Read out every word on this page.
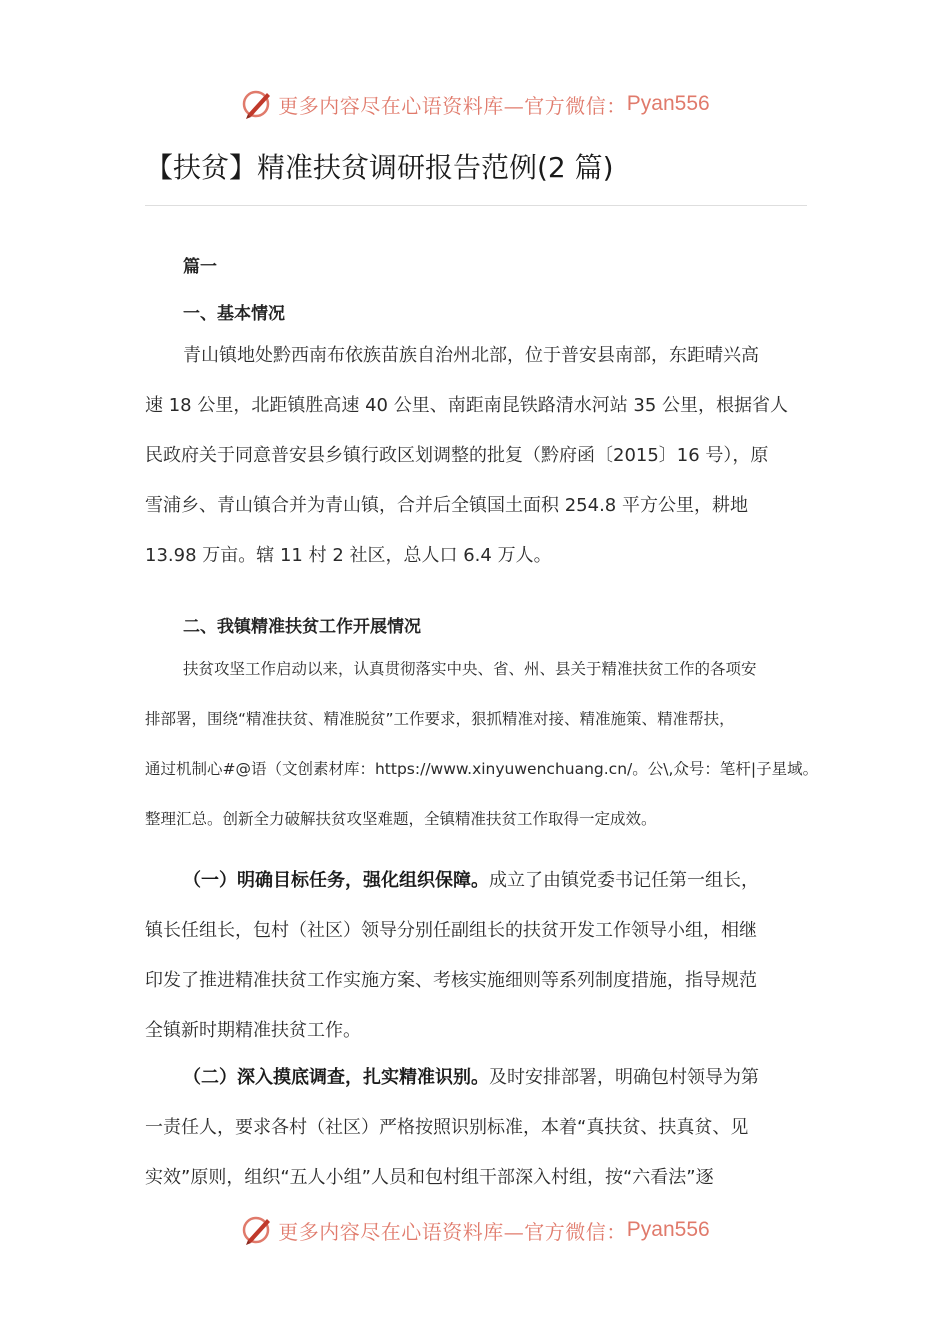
更多内容尽在心语资料库—官方微信： Pyan556
【扶贫】精准扶贫调研报告范例(2 篇)

篇一

一、基本情况

青山镇地处黔西南布依族苗族自治州北部，位于普安县南部，东距晴兴高
速 18 公里，北距镇胜高速 40 公里、南距南昆铁路清水河站 35 公里，根据省人
民政府关于同意普安县乡镇行政区划调整的批复（黔府函〔2015〕16 号），原
雪浦乡、青山镇合并为青山镇，合并后全镇国土面积 254.8 平方公里，耕地
13.98 万亩。辖 11 村 2 社区，总人口 6.4 万人。

二、我镇精准扶贫工作开展情况

扶贫攻坚工作启动以来，认真贯彻落实中央、省、州、县关于精准扶贫工作的各项安
排部署，围绕“精准扶贫、精准脱贫”工作要求，狠抓精准对接、精准施策、精准帮扶，
通过机制心#@语（文创素材库：https://www.xinyuwenchuang.cn/。公\,众号：笔杆|子星域。
整理汇总。创新全力破解扶贫攻坚难题，全镇精准扶贫工作取得一定成效。
（一）明确目标任务，强化组织保障。成立了由镇党委书记任第一组长，
镇长任组长，包村（社区）领导分别任副组长的扶贫开发工作领导小组，相继
印发了推进精准扶贫工作实施方案、考核实施细则等系列制度措施，指导规范
全镇新时期精准扶贫工作。
（二）深入摸底调查，扎实精准识别。及时安排部署，明确包村领导为第
一责任人，要求各村（社区）严格按照识别标准，本着“真扶贫、扶真贫、见
实效”原则，组织“五人小组”人员和包村组干部深入村组，按“六看法”逐
更多内容尽在心语资料库—官方微信： Pyan556
